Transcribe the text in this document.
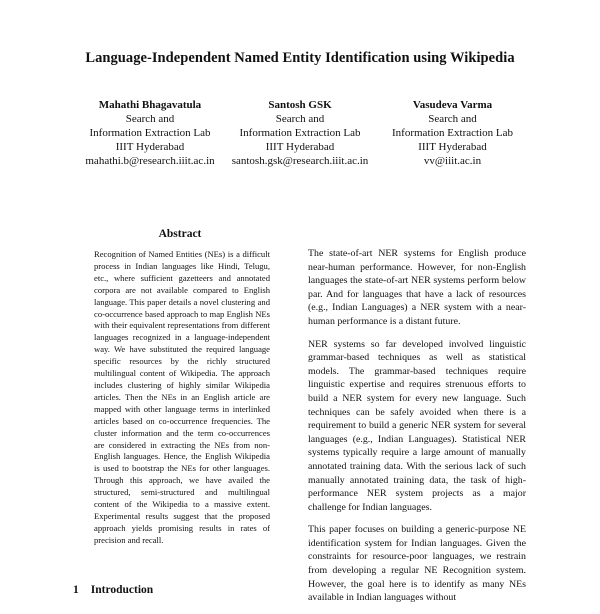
Language-Independent Named Entity Identification using Wikipedia
Mahathi Bhagavatula
Search and
Information Extraction Lab
IIIT Hyderabad
mahathi.b@research.iiit.ac.in
Santosh GSK
Search and
Information Extraction Lab
IIIT Hyderabad
santosh.gsk@research.iiit.ac.in
Vasudeva Varma
Search and
Information Extraction Lab
IIIT Hyderabad
vv@iiit.ac.in
Abstract
Recognition of Named Entities (NEs) is a difficult process in Indian languages like Hindi, Telugu, etc., where sufficient gazetteers and annotated corpora are not available compared to English language. This paper details a novel clustering and co-occurrence based approach to map English NEs with their equivalent representations from different languages recognized in a language-independent way. We have substituted the required language specific resources by the richly structured multilingual content of Wikipedia. The approach includes clustering of highly similar Wikipedia articles. Then the NEs in an English article are mapped with other language terms in interlinked articles based on co-occurrence frequencies. The cluster information and the term co-occurrences are considered in extracting the NEs from non-English languages. Hence, the English Wikipedia is used to bootstrap the NEs for other languages. Through this approach, we have availed the structured, semi-structured and multilingual content of the Wikipedia to a massive extent. Experimental results suggest that the proposed approach yields promising results in rates of precision and recall.
1 Introduction

The state-of-art NER systems for English produce near-human performance. However, for non-English languages the state-of-art NER systems perform below par. And for languages that have a lack of resources (e.g., Indian Languages) a NER system with a near-human performance is a distant future.

NER systems so far developed involved linguistic grammar-based techniques as well as statistical models. The grammar-based techniques require linguistic expertise and requires strenuous efforts to build a NER system for every new language. Such techniques can be safely avoided when there is a requirement to build a generic NER system for several languages (e.g., Indian Languages). Statistical NER systems typically require a large amount of manually annotated training data. With the serious lack of such manually annotated training data, the task of high-performance NER system projects as a major challenge for Indian languages.

This paper focuses on building a generic-purpose NE identification system for Indian languages. Given the constraints for resource-poor languages, we restrain from developing a regular NE Recognition system. However, the goal here is to identify as many NEs available in Indian languages without
